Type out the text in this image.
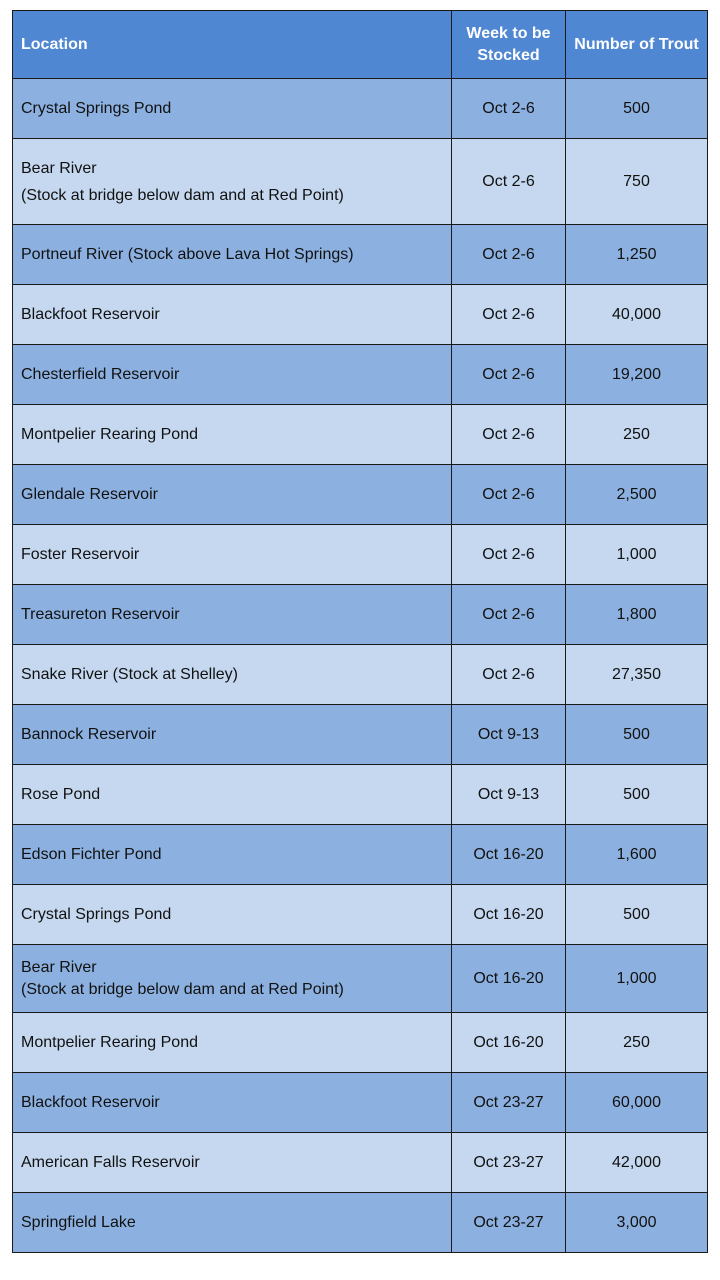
Location	Week to be Stocked	Number of Trout

Crystal Springs Pond	Oct 2-6	500

Bear River
(Stock at bridge below dam and at Red Point)	Oct 2-6	750

Portneuf River (Stock above Lava Hot Springs)	Oct 2-6	1,250

Blackfoot Reservoir	Oct 2-6	40,000

Chesterfield Reservoir	Oct 2-6	19,200

Montpelier Rearing Pond	Oct 2-6	250

Glendale Reservoir	Oct 2-6	2,500

Foster Reservoir	Oct 2-6	1,000

Treasureton Reservoir	Oct 2-6	1,800

Snake River (Stock at Shelley)	Oct 2-6	27,350

Bannock Reservoir	Oct 9-13	500

Rose Pond	Oct 9-13	500

Edson Fichter Pond	Oct 16-20	1,600

Crystal Springs Pond	Oct 16-20	500

Bear River
(Stock at bridge below dam and at Red Point)	Oct 16-20	1,000

Montpelier Rearing Pond	Oct 16-20	250

Blackfoot Reservoir	Oct 23-27	60,000

American Falls Reservoir	Oct 23-27	42,000

Springfield Lake	Oct 23-27	3,000
